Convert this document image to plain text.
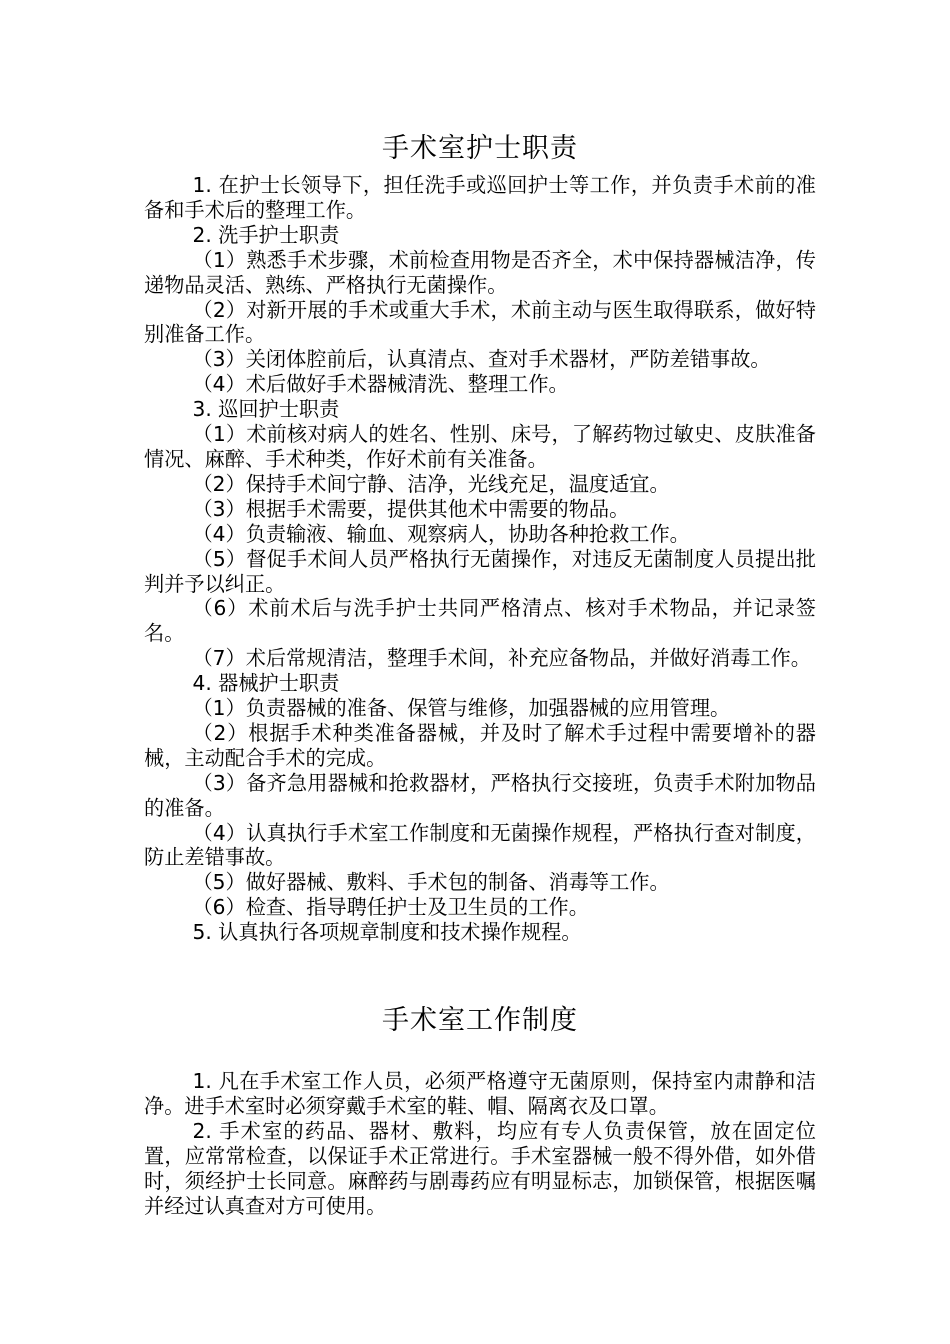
手术室护士职责

1. 在护士长领导下，担任洗手或巡回护士等工作，并负责手术前的准备和手术后的整理工作。

2. 洗手护士职责

（1）熟悉手术步骤，术前检查用物是否齐全，术中保持器械洁净，传递物品灵活、熟练、严格执行无菌操作。

（2）对新开展的手术或重大手术，术前主动与医生取得联系，做好特别准备工作。

（3）关闭体腔前后，认真清点、查对手术器材，严防差错事故。

（4）术后做好手术器械清洗、整理工作。

3. 巡回护士职责

（1）术前核对病人的姓名、性别、床号，了解药物过敏史、皮肤准备情况、麻醉、手术种类，作好术前有关准备。

（2）保持手术间宁静、洁净，光线充足，温度适宜。

（3）根据手术需要，提供其他术中需要的物品。

（4）负责输液、输血、观察病人，协助各种抢救工作。

（5）督促手术间人员严格执行无菌操作，对违反无菌制度人员提出批判并予以纠正。

（6）术前术后与洗手护士共同严格清点、核对手术物品，并记录签名。

（7）术后常规清洁，整理手术间，补充应备物品，并做好消毒工作。

4. 器械护士职责

（1）负责器械的准备、保管与维修，加强器械的应用管理。

（2）根据手术种类准备器械，并及时了解术手过程中需要增补的器械，主动配合手术的完成。

（3）备齐急用器械和抢救器材，严格执行交接班，负责手术附加物品的准备。

（4）认真执行手术室工作制度和无菌操作规程，严格执行查对制度，防止差错事故。

（5）做好器械、敷料、手术包的制备、消毒等工作。

（6）检查、指导聘任护士及卫生员的工作。

5. 认真执行各项规章制度和技术操作规程。

手术室工作制度

1. 凡在手术室工作人员，必须严格遵守无菌原则，保持室内肃静和洁净。进手术室时必须穿戴手术室的鞋、帽、隔离衣及口罩。

2. 手术室的药品、器材、敷料，均应有专人负责保管，放在固定位置，应常常检查，以保证手术正常进行。手术室器械一般不得外借，如外借时，须经护士长同意。麻醉药与剧毒药应有明显标志，加锁保管，根据医嘱并经过认真查对方可使用。
